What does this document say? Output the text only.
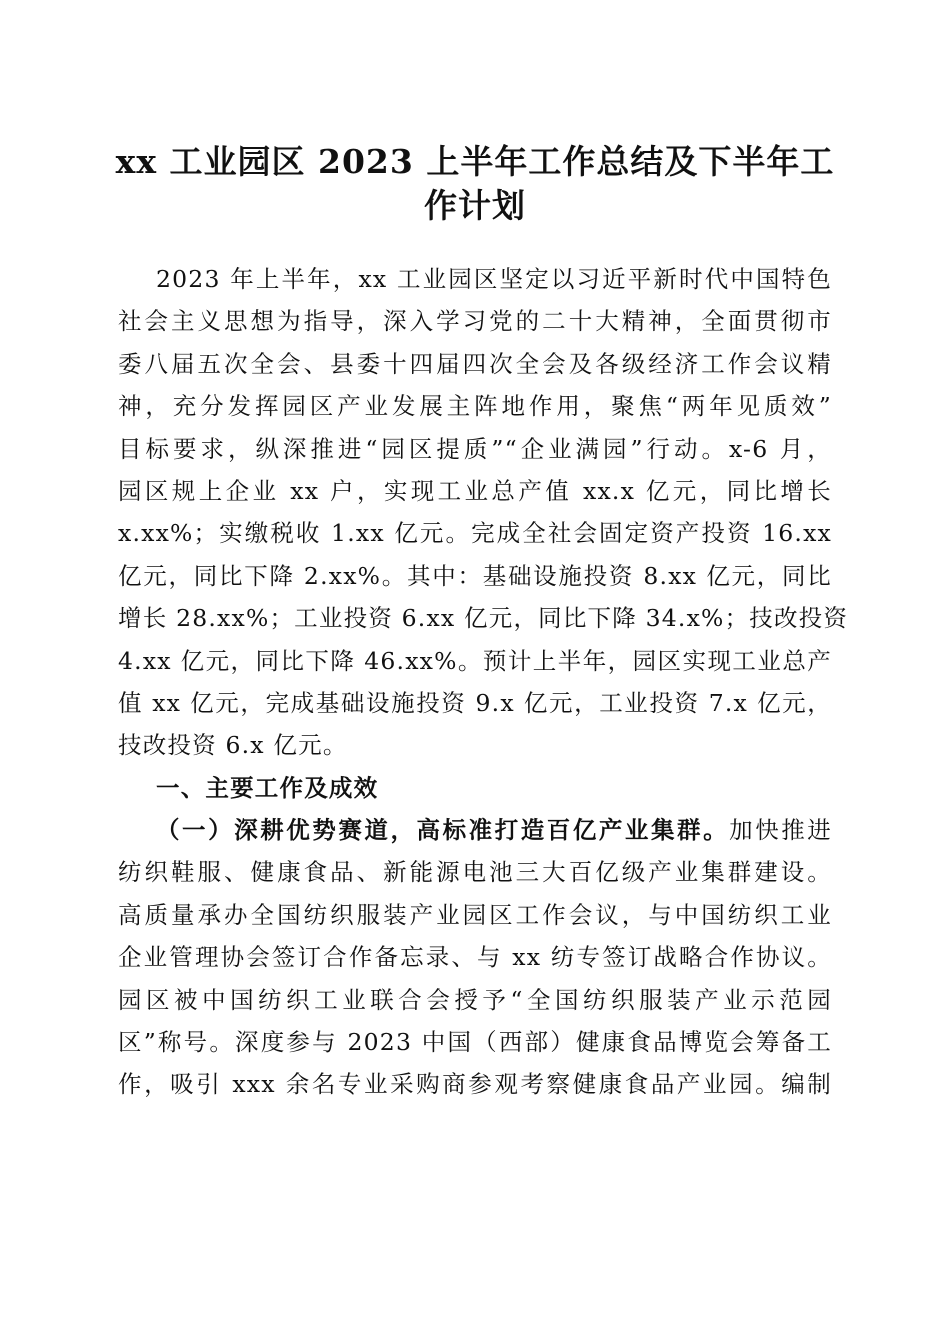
xx 工业园区 2023 上半年工作总结及下半年工
作计划
2023 年上半年，xx 工业园区坚定以习近平新时代中国特色
社会主义思想为指导，深入学习党的二十大精神，全面贯彻市
委八届五次全会、县委十四届四次全会及各级经济工作会议精
神，充分发挥园区产业发展主阵地作用，聚焦“两年见质效”
目标要求，纵深推进“园区提质”“企业满园”行动。x-6 月，
园区规上企业 xx 户，实现工业总产值 xx.x 亿元，同比增长
x.xx%；实缴税收 1.xx 亿元。完成全社会固定资产投资 16.xx
亿元，同比下降 2.xx%。其中：基础设施投资 8.xx 亿元，同比
增长 28.xx%；工业投资 6.xx 亿元，同比下降 34.x%；技改投资
4.xx 亿元，同比下降 46.xx%。预计上半年，园区实现工业总产
值 xx 亿元，完成基础设施投资 9.x 亿元，工业投资 7.x 亿元，
技改投资 6.x 亿元。
一、主要工作及成效
（一）深耕优势赛道，高标准打造百亿产业集群。加快推进
纺织鞋服、健康食品、新能源电池三大百亿级产业集群建设。
高质量承办全国纺织服装产业园区工作会议，与中国纺织工业
企业管理协会签订合作备忘录、与 xx 纺专签订战略合作协议。
园区被中国纺织工业联合会授予“全国纺织服装产业示范园
区”称号。深度参与 2023 中国（西部）健康食品博览会筹备工
作，吸引 xxx 余名专业采购商参观考察健康食品产业园。编制
